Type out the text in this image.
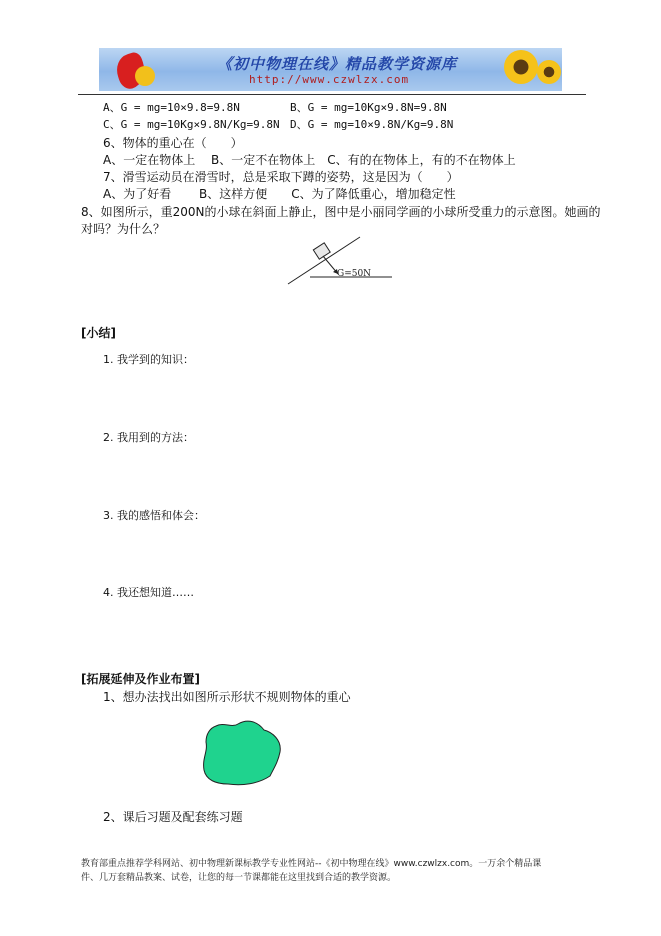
《初中物理在线》精品教学资源库
http://www.czwlzx.com
A、G = mg=10×9.8=9.8N	B、G = mg=10Kg×9.8N=9.8N
C、G = mg=10Kg×9.8N/Kg=9.8N D、G = mg=10×9.8N/Kg=9.8N
6、物体的重心在（　　）
A、一定在物体上　 B、一定不在物体上　C、有的在物体上，有的不在物体上
7、滑雪运动员在滑雪时，总是采取下蹲的姿势，这是因为（　　）
A、为了好看　　 B、这样方便　　C、为了降低重心，增加稳定性
8、如图所示，重200N的小球在斜面上静止，图中是小丽同学画的小球所受重力的示意图。她画的
对吗？为什么？
G=50N
[小结]
1. 我学到的知识：
2. 我用到的方法：
3. 我的感悟和体会：
4. 我还想知道……
[拓展延伸及作业布置]
1、想办法找出如图所示形状不规则物体的重心
2、课后习题及配套练习题
教育部重点推荐学科网站、初中物理新课标教学专业性网站--《初中物理在线》www.czwlzx.com。一万余个精品课
件、几万套精品教案、试卷，让您的每一节课都能在这里找到合适的教学资源。
